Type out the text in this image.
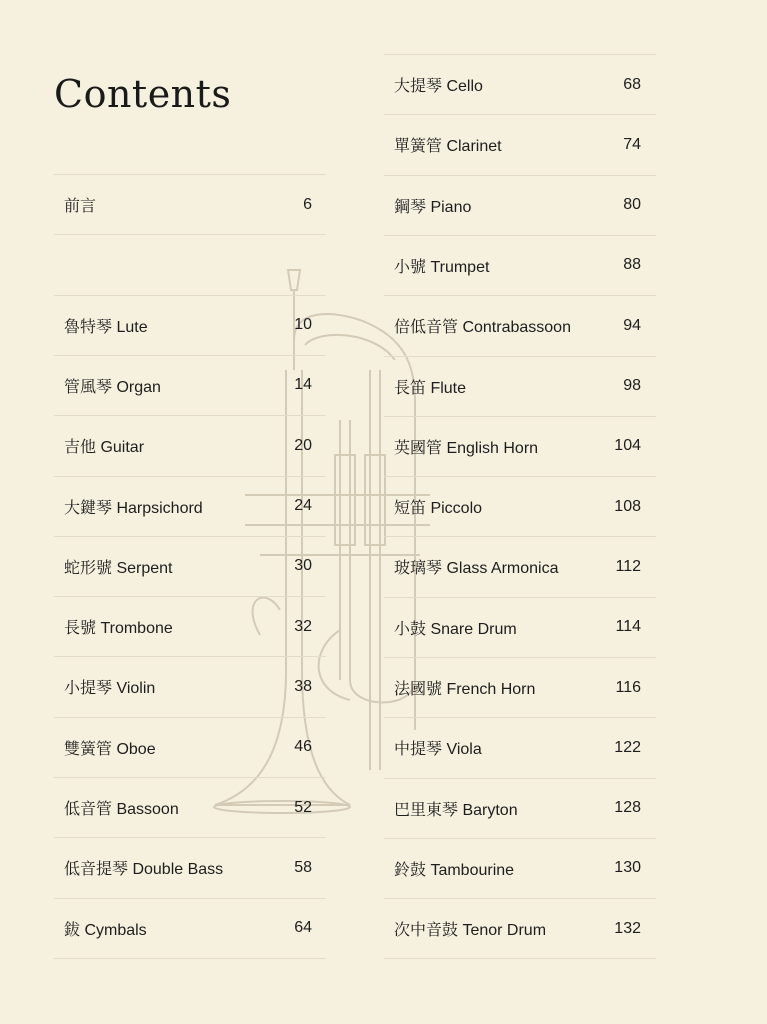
Contents
前言	6
魯特琴 Lute	10
管風琴 Organ	14
吉他 Guitar	20
大鍵琴 Harpsichord	24
蛇形號 Serpent	30
長號 Trombone	32
小提琴 Violin	38
雙簧管 Oboe	46
低音管 Bassoon	52
低音提琴 Double Bass	58
鈸 Cymbals	64
大提琴 Cello	68
單簧管 Clarinet	74
鋼琴 Piano	80
小號 Trumpet	88
倍低音管 Contrabassoon	94
長笛 Flute	98
英國管 English Horn	104
短笛 Piccolo	108
玻璃琴 Glass Armonica	112
小鼓 Snare Drum	114
法國號 French Horn	116
中提琴 Viola	122
巴里東琴 Baryton	128
鈴鼓 Tambourine	130
次中音鼓 Tenor Drum	132
